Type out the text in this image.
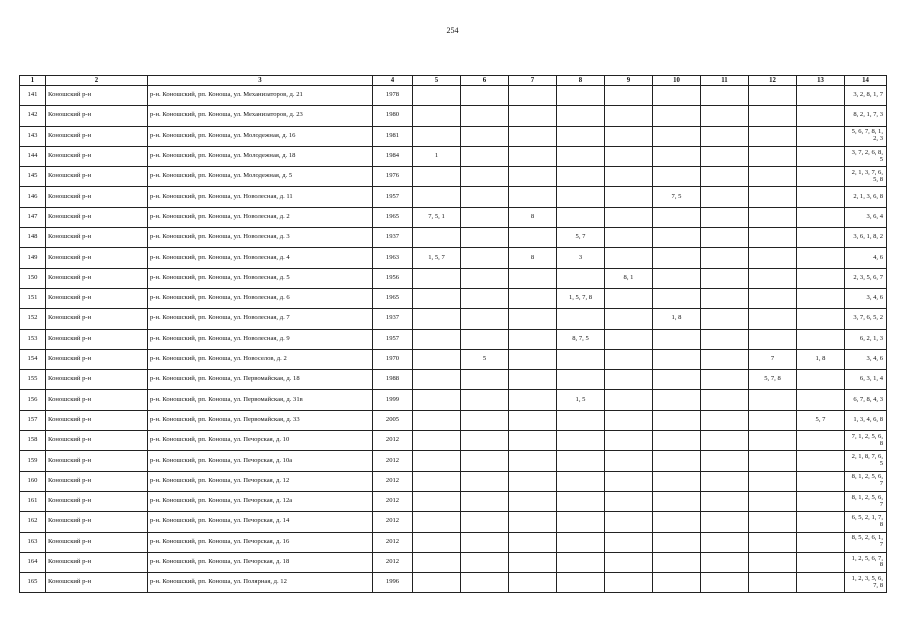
254
1	2	3	4	5	6	7	8	9	10	11	12	13	14
141	Коношский р-н	р-н. Коношский, рп. Коноша, ул. Механизаторов, д. 21	1978										3, 2, 8, 1, 7
142	Коношский р-н	р-н. Коношский, рп. Коноша, ул. Механизаторов, д. 23	1980										8, 2, 1, 7, 3
143	Коношский р-н	р-н. Коношский, рп. Коноша, ул. Молодежная, д. 16	1981										5, 6, 7, 8, 1, 2, 3
144	Коношский р-н	р-н. Коношский, рп. Коноша, ул. Молодежная, д. 18	1984	1									3, 7, 2, 6, 8, 5
145	Коношский р-н	р-н. Коношский, рп. Коноша, ул. Молодежная, д. 5	1976										2, 1, 3, 7, 6, 5, 8
146	Коношский р-н	р-н. Коношский, рп. Коноша, ул. Новолесная, д. 11	1957						7, 5				2, 1, 3, 6, 8
147	Коношский р-н	р-н. Коношский, рп. Коноша, ул. Новолесная, д. 2	1965	7, 5, 1		8							3, 6, 4
148	Коношский р-н	р-н. Коношский, рп. Коноша, ул. Новолесная, д. 3	1937				5, 7						3, 6, 1, 8, 2
149	Коношский р-н	р-н. Коношский, рп. Коноша, ул. Новолесная, д. 4	1963	1, 5, 7		8	3						4, 6
150	Коношский р-н	р-н. Коношский, рп. Коноша, ул. Новолесная, д. 5	1956					8, 1					2, 3, 5, 6, 7
151	Коношский р-н	р-н. Коношский, рп. Коноша, ул. Новолесная, д. 6	1965				1, 5, 7, 8						3, 4, 6
152	Коношский р-н	р-н. Коношский, рп. Коноша, ул. Новолесная, д. 7	1937						1, 8				3, 7, 6, 5, 2
153	Коношский р-н	р-н. Коношский, рп. Коноша, ул. Новолесная, д. 9	1957				8, 7, 5						6, 2, 1, 3
154	Коношский р-н	р-н. Коношский, рп. Коноша, ул. Новоселов, д. 2	1970		5						7	1, 8	3, 4, 6
155	Коношский р-н	р-н. Коношский, рп. Коноша, ул. Первомайская, д. 18	1988								5, 7, 8		6, 3, 1, 4
156	Коношский р-н	р-н. Коношский, рп. Коноша, ул. Первомайская, д. 31в	1999				1, 5						6, 7, 8, 4, 3
157	Коношский р-н	р-н. Коношский, рп. Коноша, ул. Первомайская, д. 33	2005									5, 7	1, 3, 4, 6, 8
158	Коношский р-н	р-н. Коношский, рп. Коноша, ул. Печорская, д. 10	2012										7, 1, 2, 5, 6, 8
159	Коношский р-н	р-н. Коношский, рп. Коноша, ул. Печорская, д. 10а	2012										2, 1, 8, 7, 6, 5
160	Коношский р-н	р-н. Коношский, рп. Коноша, ул. Печорская, д. 12	2012										8, 1, 2, 5, 6, 7
161	Коношский р-н	р-н. Коношский, рп. Коноша, ул. Печорская, д. 12а	2012										8, 1, 2, 5, 6, 7
162	Коношский р-н	р-н. Коношский, рп. Коноша, ул. Печорская, д. 14	2012										6, 5, 2, 1, 7, 8
163	Коношский р-н	р-н. Коношский, рп. Коноша, ул. Печорская, д. 16	2012										8, 5, 2, 6, 1, 7
164	Коношский р-н	р-н. Коношский, рп. Коноша, ул. Печорская, д. 18	2012										1, 2, 5, 6, 7, 8
165	Коношский р-н	р-н. Коношский, рп. Коноша, ул. Полярная, д. 12	1996										1, 2, 3, 5, 6, 7, 8
